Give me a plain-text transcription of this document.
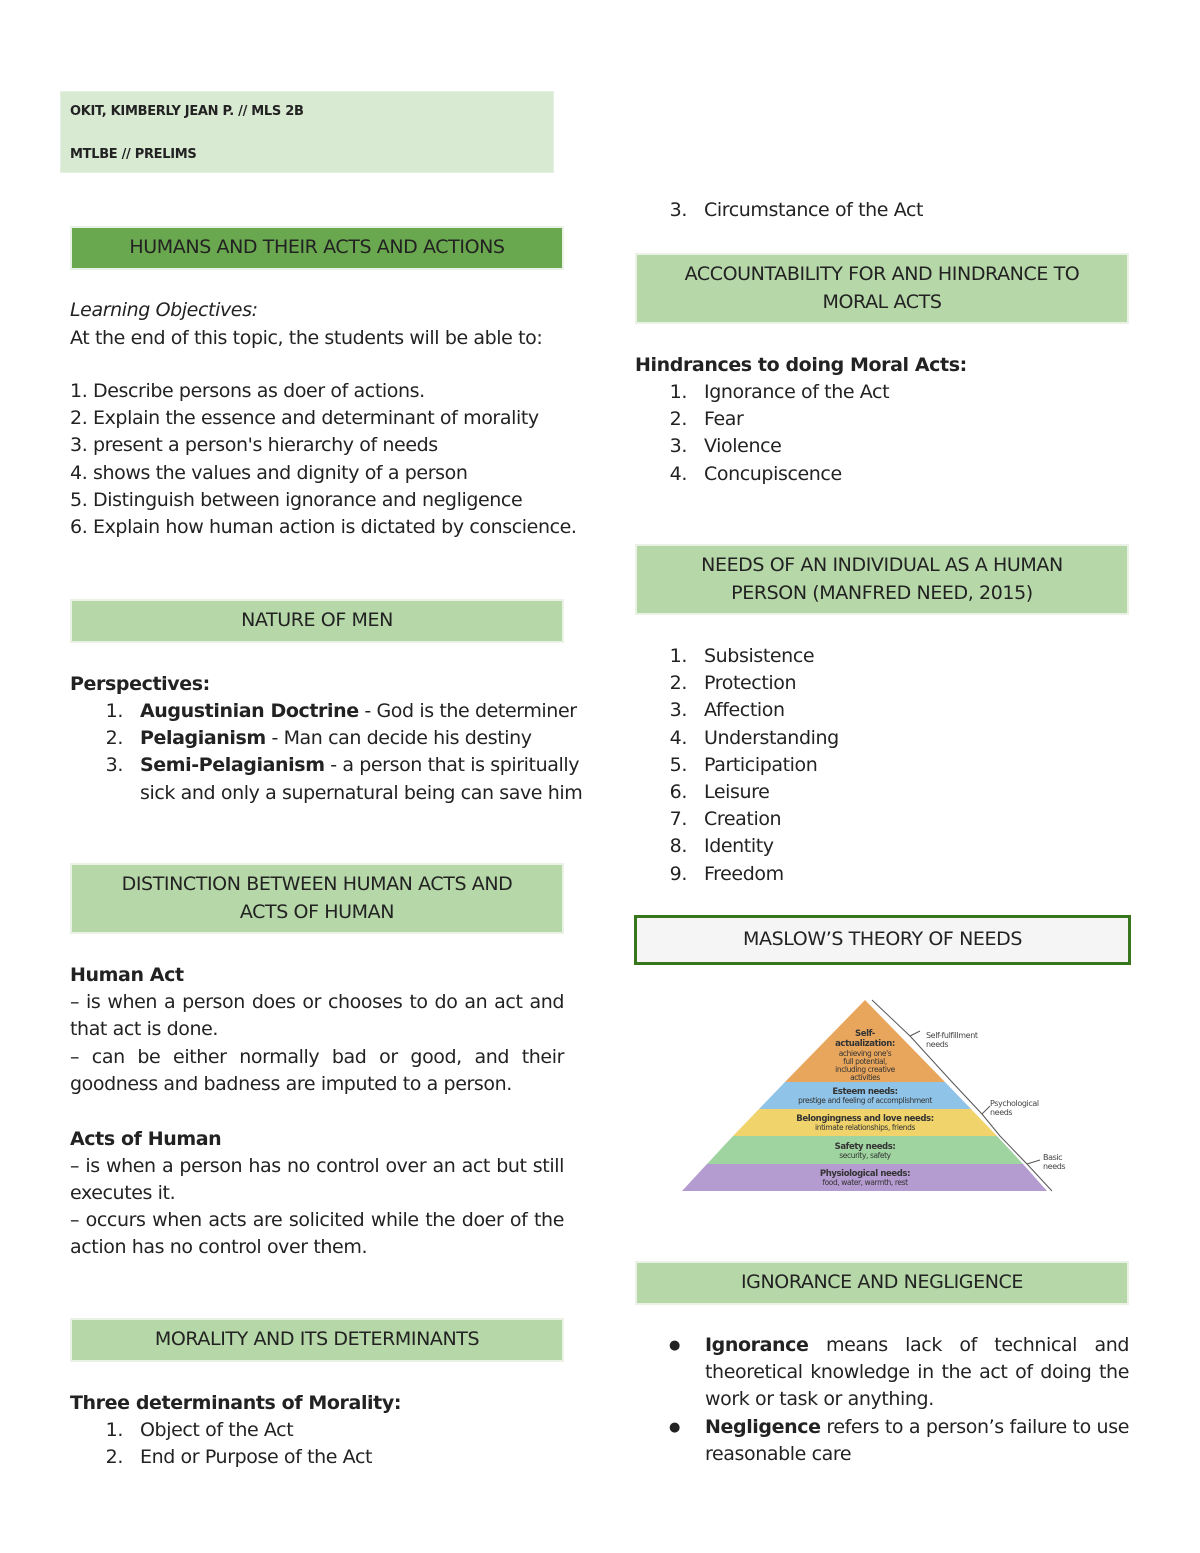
OKIT, KIMBERLY JEAN P. // MLS 2B
MTLBE // PRELIMS
HUMANS AND THEIR ACTS AND ACTIONS
Learning Objectives:
At the end of this topic, the students will be able to:
1. Describe persons as doer of actions.
2. Explain the essence and determinant of morality
3. present a person's hierarchy of needs
4. shows the values and dignity of a person
5. Distinguish between ignorance and negligence
6. Explain how human action is dictated by conscience.
NATURE OF MEN
Perspectives:
1. Augustinian Doctrine - God is the determiner
2. Pelagianism - Man can decide his destiny
3. Semi-Pelagianism - a person that is spiritually
sick and only a supernatural being can save him
DISTINCTION BETWEEN HUMAN ACTS AND
ACTS OF HUMAN
Human Act
– is when a person does or chooses to do an act and that act is done.
– can be either normally bad or good, and their goodness and badness are imputed to a person.
Acts of Human
– is when a person has no control over an act but still executes it.
– occurs when acts are solicited while the doer of the action has no control over them.
MORALITY AND ITS DETERMINANTS
Three determinants of Morality:
1. Object of the Act
2. End or Purpose of the Act
3. Circumstance of the Act
ACCOUNTABILITY FOR AND HINDRANCE TO
MORAL ACTS
Hindrances to doing Moral Acts:
1. Ignorance of the Act
2. Fear
3. Violence
4. Concupiscence
NEEDS OF AN INDIVIDUAL AS A HUMAN
PERSON (MANFRED NEED, 2015)
1. Subsistence
2. Protection
3. Affection
4. Understanding
5. Participation
6. Leisure
7. Creation
8. Identity
9. Freedom
MASLOW’S THEORY OF NEEDS
Self-
actualization:
achieving one's
full potential,
including creative
activities
Esteem needs:
prestige and feeling of accomplishment
Belongingness and love needs:
intimate relationships, friends
Safety needs:
security, safety
Physiological needs:
food, water, warmth, rest
Self-fulfillment
needs
Psychological
needs
Basic
needs
IGNORANCE AND NEGLIGENCE
● Ignorance means lack of technical and theoretical knowledge in the act of doing the work or task or anything.
● Negligence refers to a person’s failure to use reasonable care
